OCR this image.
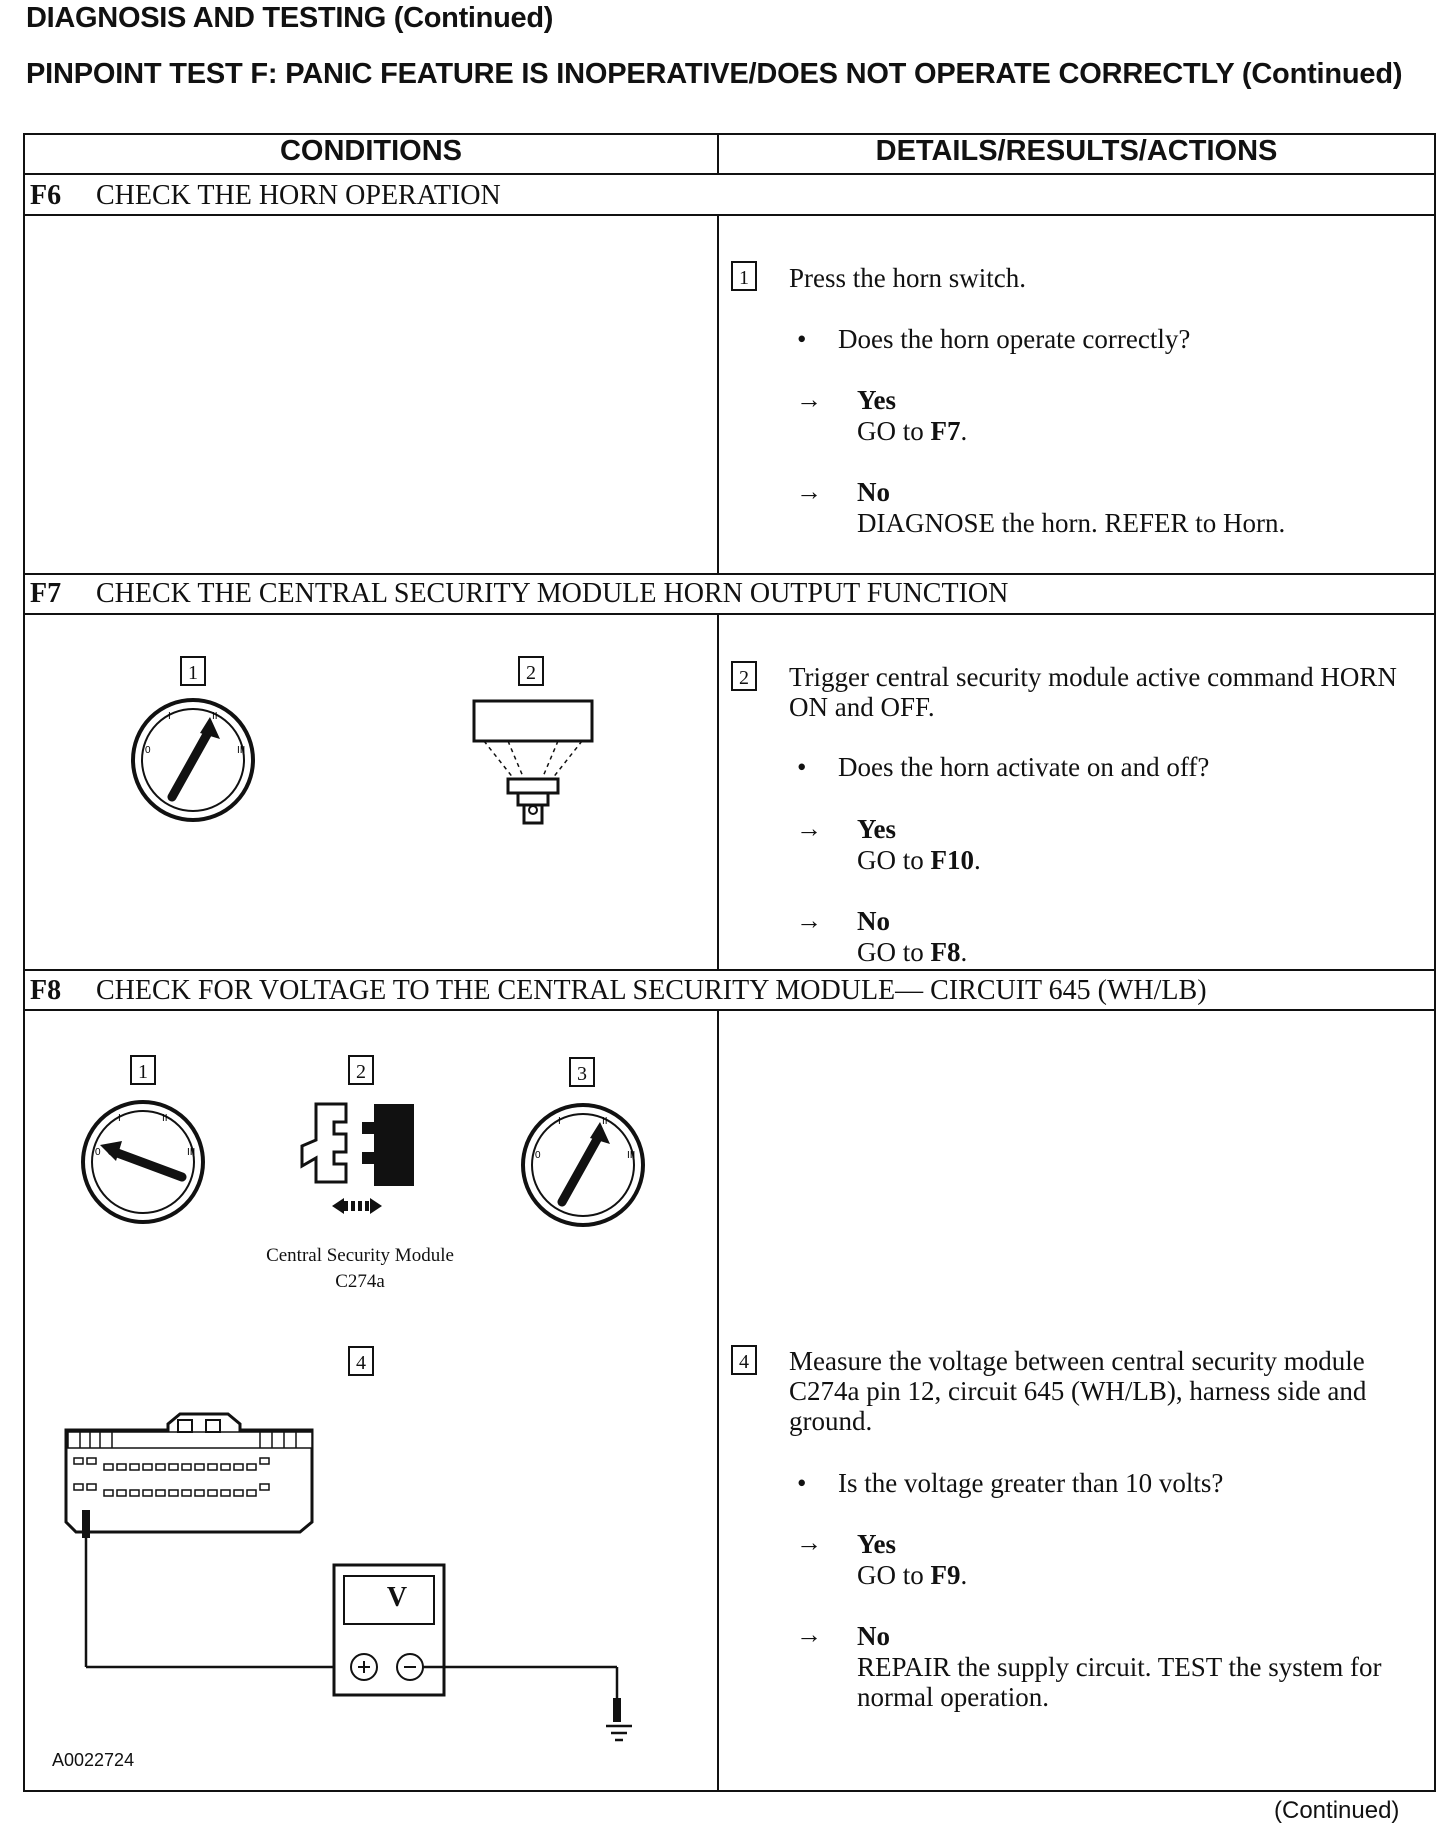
DIAGNOSIS AND TESTING (Continued)
PINPOINT TEST F: PANIC FEATURE IS INOPERATIVE/DOES NOT OPERATE CORRECTLY (Continued)
CONDITIONS	DETAILS/RESULTS/ACTIONS
F6 CHECK THE HORN OPERATION
1 Press the horn switch.
• Does the horn operate correctly?
→ Yes
GO to F7.
→ No
DIAGNOSE the horn. REFER to Horn.
F7 CHECK THE CENTRAL SECURITY MODULE HORN OUTPUT FUNCTION
1	2
0
I	II
III
2 Trigger central security module active command HORN ON and OFF.
• Does the horn activate on and off?
→ Yes
GO to F10.
→ No
GO to F8.
F8 CHECK FOR VOLTAGE TO THE CENTRAL SECURITY MODULE— CIRCUIT 645 (WH/LB)
1	2	3
0
I	II
III	0
I	II
III
Central Security Module
C274a
4
V
A0022724
4 Measure the voltage between central security module C274a pin 12, circuit 645 (WH/LB), harness side and ground.
• Is the voltage greater than 10 volts?
→ Yes
GO to F9.
→ No
REPAIR the supply circuit. TEST the system for normal operation.
(Continued)
